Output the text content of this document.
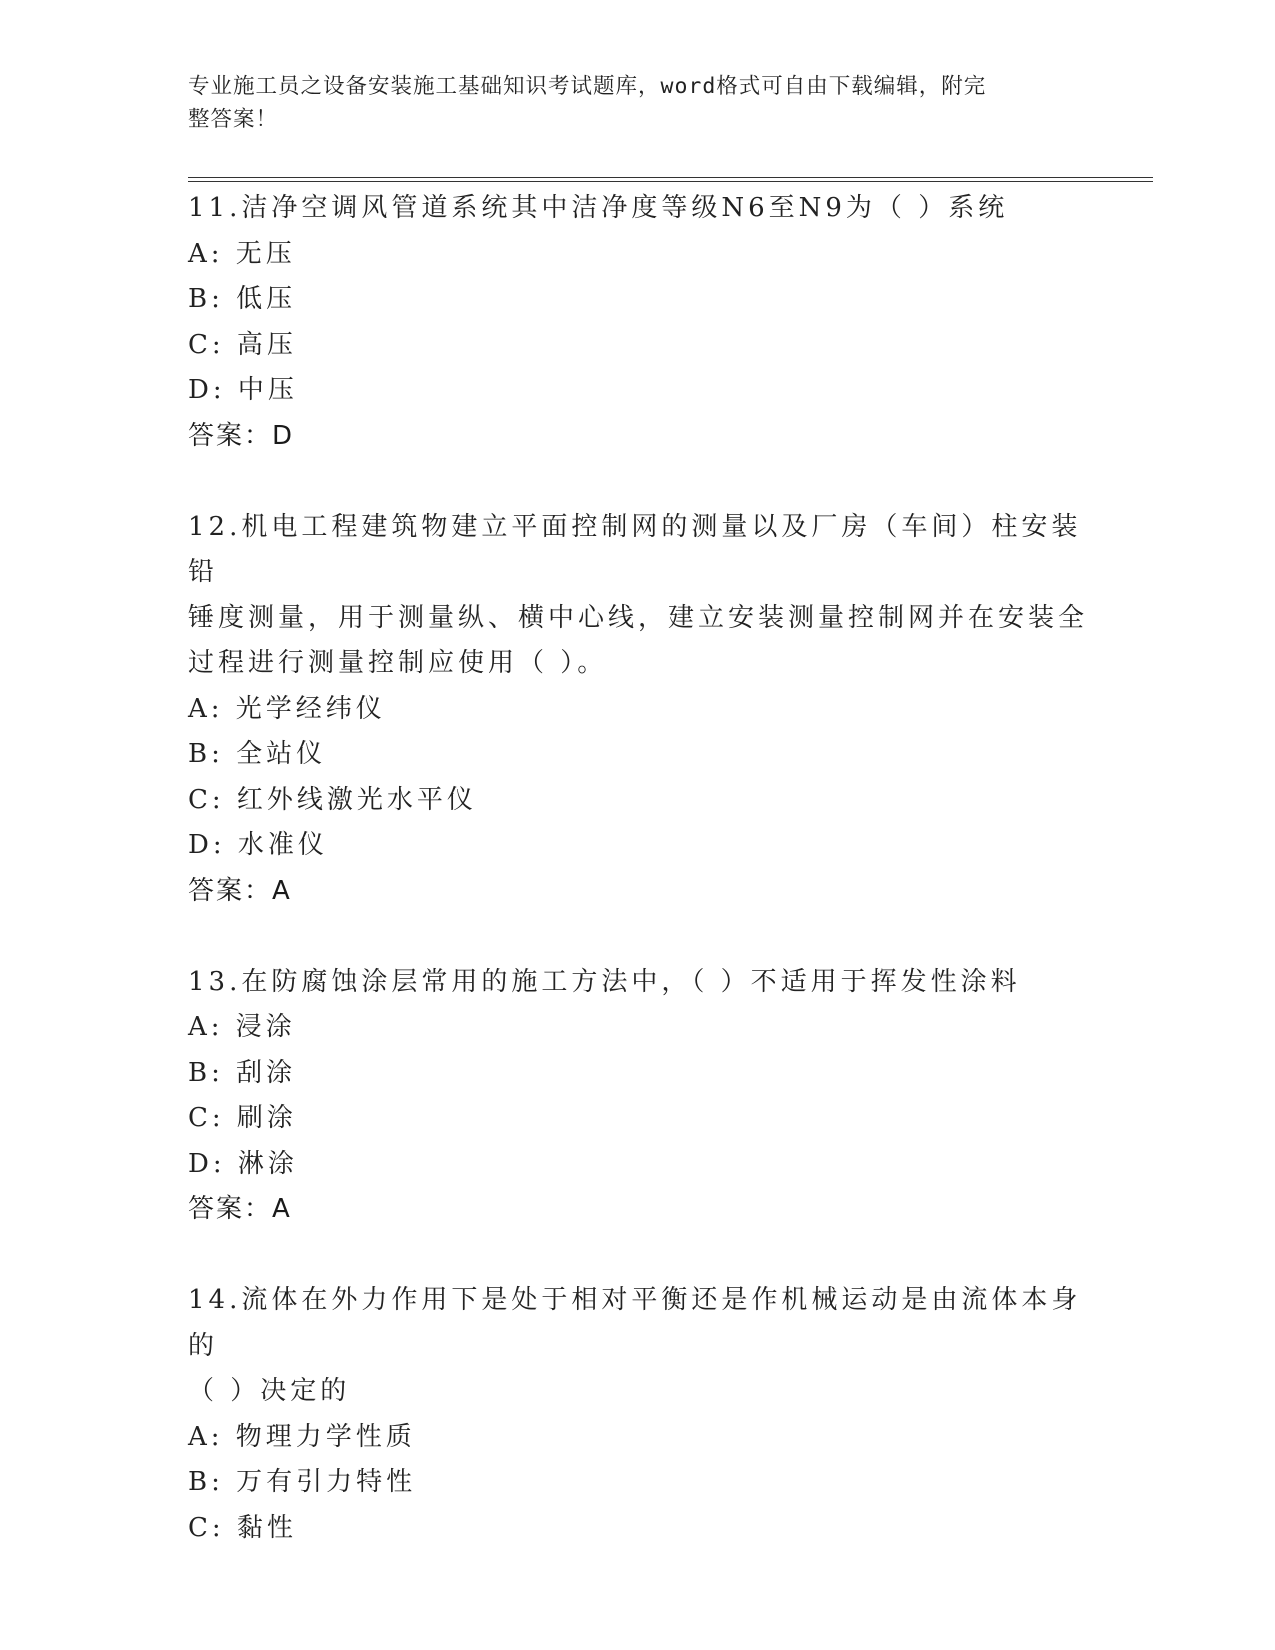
专业施工员之设备安装施工基础知识考试题库，word格式可自由下载编辑，附完
整答案！
11.洁净空调风管道系统其中洁净度等级N6至N9为（ ）系统
A: 无压
B: 低压
C: 高压
D: 中压
答案：D
12.机电工程建筑物建立平面控制网的测量以及厂房（车间）柱安装铅
锤度测量，用于测量纵、横中心线，建立安装测量控制网并在安装全
过程进行测量控制应使用（ ）。
A: 光学经纬仪
B: 全站仪
C: 红外线激光水平仪
D: 水准仪
答案：A
13.在防腐蚀涂层常用的施工方法中，（ ）不适用于挥发性涂料
A: 浸涂
B: 刮涂
C: 刷涂
D: 淋涂
答案：A
14.流体在外力作用下是处于相对平衡还是作机械运动是由流体本身的
（ ）决定的
A: 物理力学性质
B: 万有引力特性
C: 黏性
